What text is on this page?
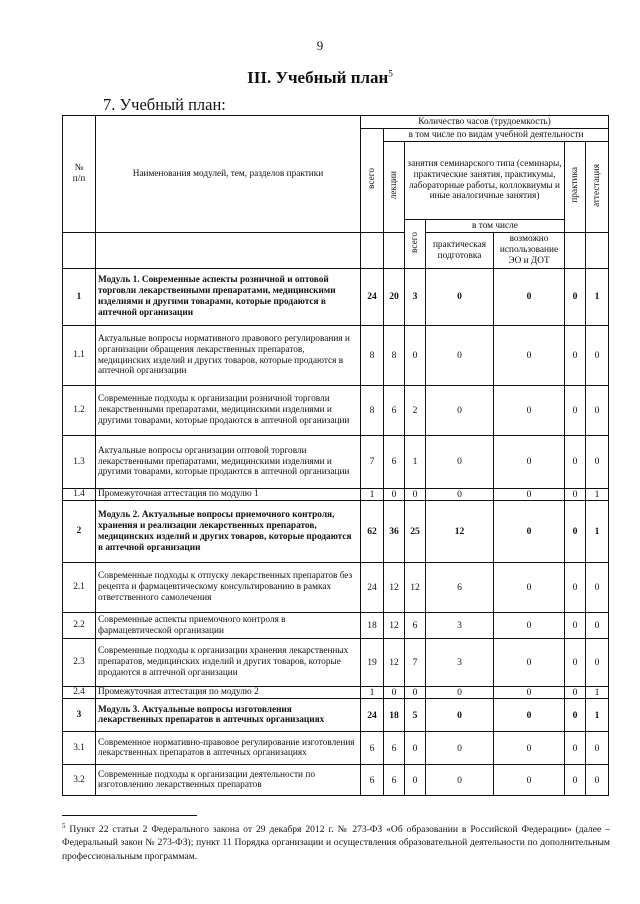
9
III. Учебный план$^5$
7. Учебный план:
№
п/п	Наименования модулей, тем, разделов практики	Количество часов (трудоемкость)						
		всего	в том числе по видам учебной деятельности					
			лекции	занятия семинарского типа (семинары, практические занятия, практикумы, лабораторные работы, коллоквиумы и иные аналогичные занятия)			практика	аттестация
				всего	в том числе			
					практическая подготовка	возможно использование ЭО и ДОТ		
1	Модуль 1. Современные аспекты розничной и оптовой торговли лекарственными препаратами, медицинскими изделиями и другими товарами, которые продаются в аптечной организации	24	20	3	0	0	0	1
1.1	Актуальные вопросы нормативного правового регулирования и организации обращения лекарственных препаратов, медицинских изделий и других товаров, которые продаются в аптечной организации	8	8	0	0	0	0	0
1.2	Современные подходы к организации розничной торговли лекарственными препаратами, медицинскими изделиями и другими товарами, которые продаются в аптечной организации	8	6	2	0	0	0	0
1.3	Актуальные вопросы организации оптовой торговли лекарственными препаратами, медицинскими изделиями и другими товарами, которые продаются в аптечной организации	7	6	1	0	0	0	0
1.4	Промежуточная аттестация по модулю 1	1	0	0	0	0	0	1
2	Модуль 2. Актуальные вопросы приемочного контроля, хранения и реализации лекарственных препаратов, медицинских изделий и других товаров, которые продаются в аптечной организации	62	36	25	12	0	0	1
2.1	Современные подходы к отпуску лекарственных препаратов без рецепта и фармацевтическому консультированию в рамках ответственного самолечения	24	12	12	6	0	0	0
2.2	Современные аспекты приемочного контроля в фармацевтической организации	18	12	6	3	0	0	0
2.3	Современные подходы к организации хранения лекарственных препаратов, медицинских изделий и других товаров, которые продаются в аптечной организации	19	12	7	3	0	0	0
2.4	Промежуточная аттестация по модулю 2	1	0	0	0	0	0	1
3	Модуль 3. Актуальные вопросы изготовления лекарственных препаратов в аптечных организациях	24	18	5	0	0	0	1
3.1	Современное нормативно-правовое регулирование изготовления лекарственных препаратов в аптечных организациях	6	6	0	0	0	0	0
3.2	Современные подходы к организации деятельности по изготовлению лекарственных препаратов	6	6	0	0	0	0	0
$^5$ Пункт 22 статьи 2 Федерального закона от 29 декабря 2012 г. № 273-ФЗ «Об образовании в Российской Федерации» (далее – Федеральный закон № 273-ФЗ); пункт 11 Порядка организации и осуществления образовательной деятельности по дополнительным профессиональным программам.
